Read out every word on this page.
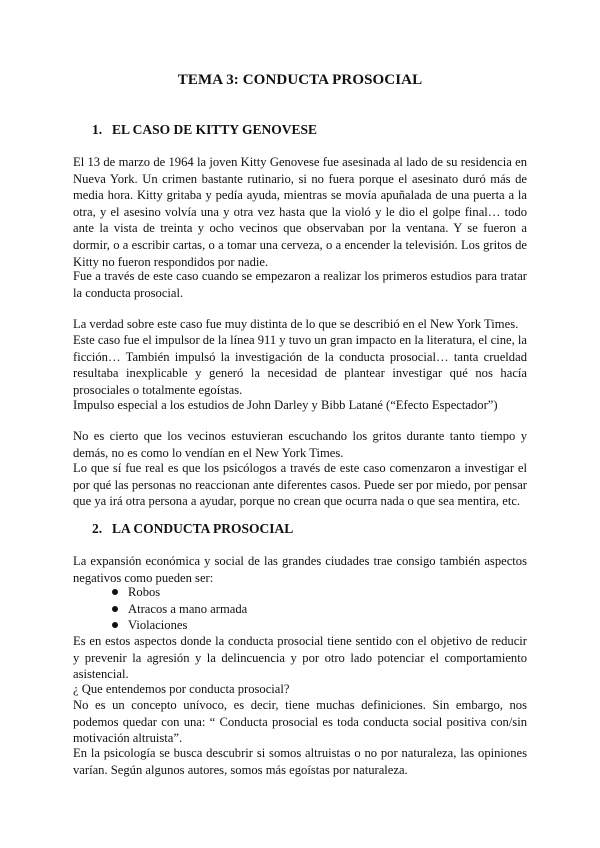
TEMA 3: CONDUCTA PROSOCIAL
1. EL CASO DE KITTY GENOVESE

El 13 de marzo de 1964 la joven Kitty Genovese fue asesinada al lado de su residencia en Nueva York. Un crimen bastante rutinario, si no fuera porque el asesinato duró más de media hora. Kitty gritaba y pedía ayuda, mientras se movía apuñalada de una puerta a la otra, y el asesino volvía una y otra vez hasta que la violó y le dio el golpe final… todo ante la vista de treinta y ocho vecinos que observaban por la ventana. Y se fueron a dormir, o a escribir cartas, o a tomar una cerveza, o a encender la televisión. Los gritos de Kitty no fueron respondidos por nadie.

Fue a través de este caso cuando se empezaron a realizar los primeros estudios para tratar la conducta prosocial.

La verdad sobre este caso fue muy distinta de lo que se describió en el New York Times.

Este caso fue el impulsor de la línea 911 y tuvo un gran impacto en la literatura, el cine, la ficción… También impulsó la investigación de la conducta prosocial… tanta crueldad resultaba inexplicable y generó la necesidad de plantear investigar qué nos hacía prosociales o totalmente egoístas.

Impulso especial a los estudios de John Darley y Bibb Latané (“Efecto Espectador”)

No es cierto que los vecinos estuvieran escuchando los gritos durante tanto tiempo y demás, no es como lo vendían en el New York Times.

Lo que sí fue real es que los psicólogos a través de este caso comenzaron a investigar el por qué las personas no reaccionan ante diferentes casos. Puede ser por miedo, por pensar que ya irá otra persona a ayudar, porque no crean que ocurra nada o que sea mentira, etc.

2. LA CONDUCTA PROSOCIAL

La expansión económica y social de las grandes ciudades trae consigo también aspectos negativos como pueden ser:

Robos
Atracos a mano armada
Violaciones

Es en estos aspectos donde la conducta prosocial tiene sentido con el objetivo de reducir y prevenir la agresión y la delincuencia y por otro lado potenciar el comportamiento asistencial.

¿ Que entendemos por conducta prosocial?

No es un concepto unívoco, es decir, tiene muchas definiciones. Sin embargo, nos podemos quedar con una: “ Conducta prosocial es toda conducta social positiva con/sin motivación altruista”.

En la psicología se busca descubrir si somos altruistas o no por naturaleza, las opiniones varían. Según algunos autores, somos más egoístas por naturaleza.
